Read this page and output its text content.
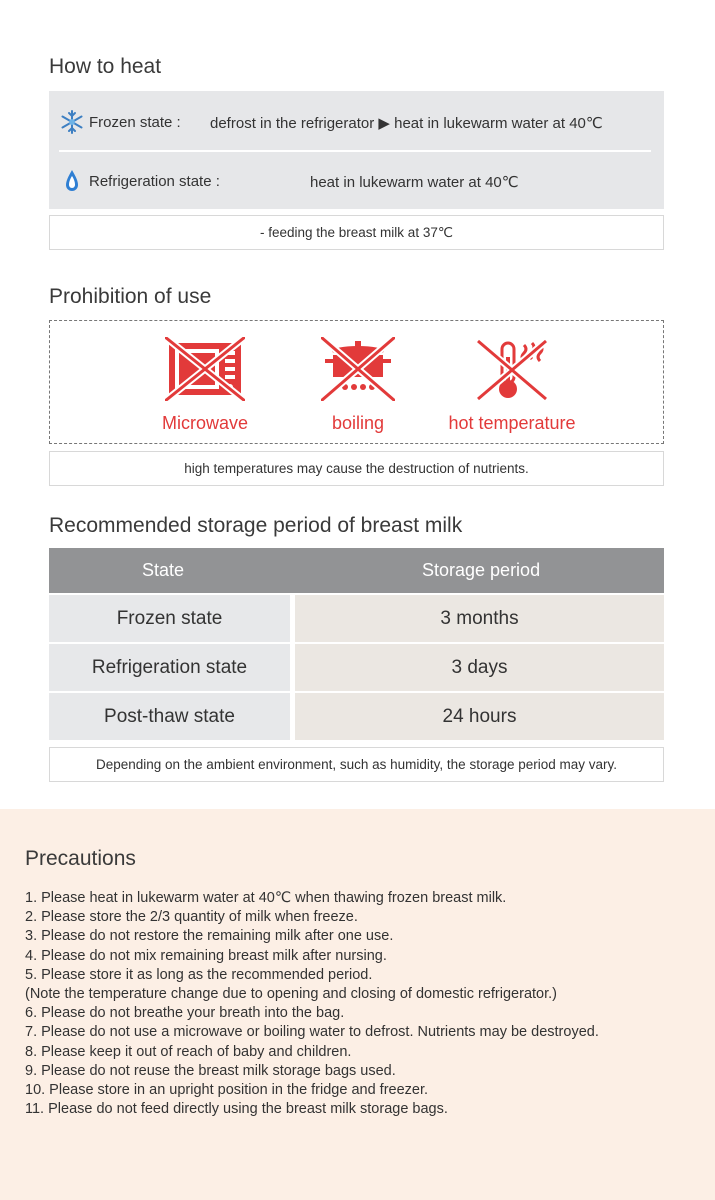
How to heat
Frozen state : defrost in the refrigerator ▶ heat in lukewarm water at 40℃
Refrigeration state :	heat in lukewarm water at 40℃
- feeding the breast milk at 37℃
Prohibition of use
Microwave	boiling	hot temperature
high temperatures may cause the destruction of nutrients.
Recommended storage period of breast milk
State	Storage period
Frozen state	3 months
Refrigeration state	3 days
Post-thaw state	24 hours
Depending on the ambient environment, such as humidity, the storage period may vary.
Precautions
1. Please heat in lukewarm water at 40℃ when thawing frozen breast milk.
2. Please store the 2/3 quantity of milk when freeze.
3. Please do not restore the remaining milk after one use.
4. Please do not mix remaining breast milk after nursing.
5. Please store it as long as the recommended period.
(Note the temperature change due to opening and closing of domestic refrigerator.)
6. Please do not breathe your breath into the bag.
7. Please do not use a microwave or boiling water to defrost. Nutrients may be destroyed.
8. Please keep it out of reach of baby and children.
9. Please do not reuse the breast milk storage bags used.
10. Please store in an upright position in the fridge and freezer.
11. Please do not feed directly using the breast milk storage bags.
